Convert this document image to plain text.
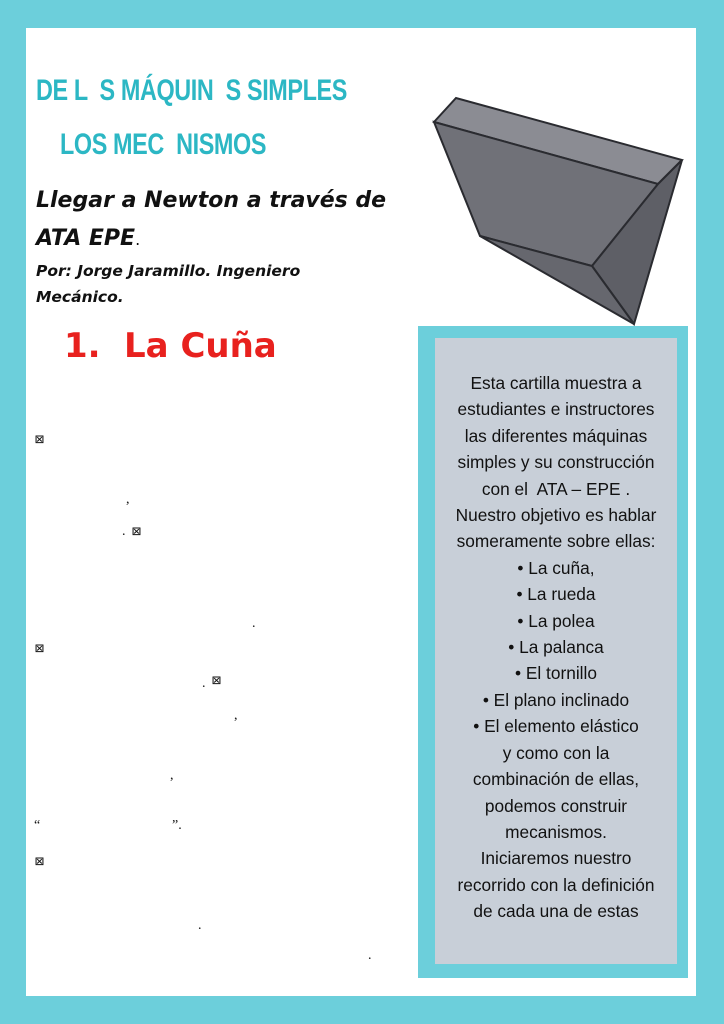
DE L  S MÁQUIN  S SIMPLES
LOS MEC  NISMOS
Llegar a Newton a través de
ATA EPE.
Por: Jorge Jaramillo. Ingeniero
Mecánico.
1. La Cuña
⊠
,
. ⊠
.
⊠
. ⊠
,
,
“	”.
⊠
.
.
Esta cartilla muestra a
estudiantes e instructores
las diferentes máquinas
simples y su construcción
con el  ATA – EPE .
Nuestro objetivo es hablar
someramente sobre ellas:
• La cuña,
• La rueda
• La polea
• La palanca
• El tornillo
• El plano inclinado
• El elemento elástico
y como con la
combinación de ellas,
podemos construir
mecanismos.
Iniciaremos nuestro
recorrido con la definición
de cada una de estas
